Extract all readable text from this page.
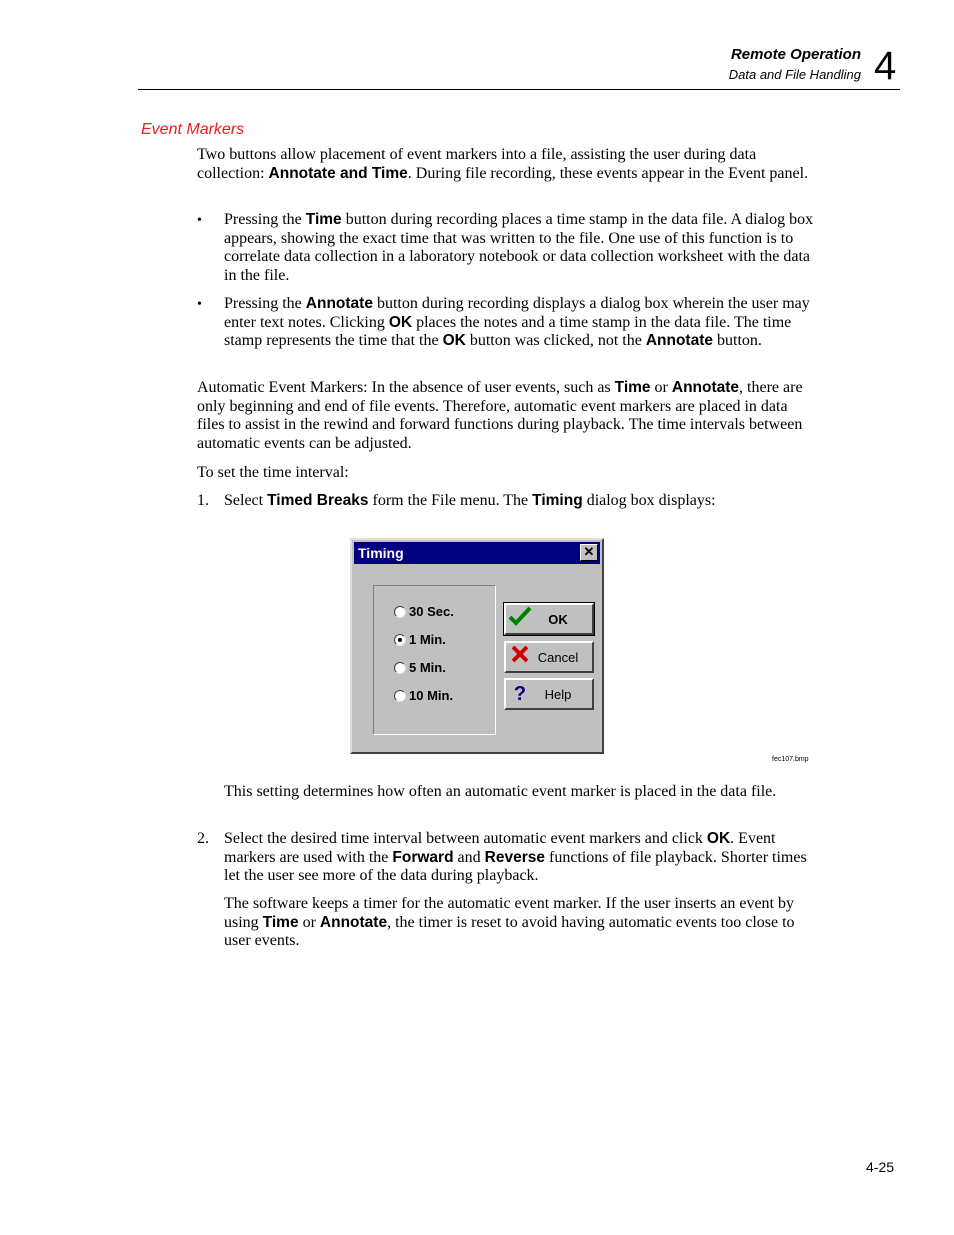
Remote Operation
Data and File Handling 4
Event Markers

Two buttons allow placement of event markers into a file, assisting the user during data collection: Annotate and Time. During file recording, these events appear in the Event panel.

• Pressing the Time button during recording places a time stamp in the data file. A dialog box appears, showing the exact time that was written to the file. One use of this function is to correlate data collection in a laboratory notebook or data collection worksheet with the data in the file.

• Pressing the Annotate button during recording displays a dialog box wherein the user may enter text notes. Clicking OK places the notes and a time stamp in the data file. The time stamp represents the time that the OK button was clicked, not the Annotate button.

Automatic Event Markers: In the absence of user events, such as Time or Annotate, there are only beginning and end of file events. Therefore, automatic event markers are placed in data files to assist in the rewind and forward functions during playback. The time intervals between automatic events can be adjusted.

To set the time interval:

1. Select Timed Breaks form the File menu. The Timing dialog box displays:

Timing	✕
30 Sec.
1 Min.
5 Min.
10 Min.
OK
Cancel
?	Help
fec107.bmp

This setting determines how often an automatic event marker is placed in the data file.

2. Select the desired time interval between automatic event markers and click OK. Event markers are used with the Forward and Reverse functions of file playback. Shorter times let the user see more of the data during playback.

The software keeps a timer for the automatic event marker. If the user inserts an event by using Time or Annotate, the timer is reset to avoid having automatic events too close to user events.

4-25
